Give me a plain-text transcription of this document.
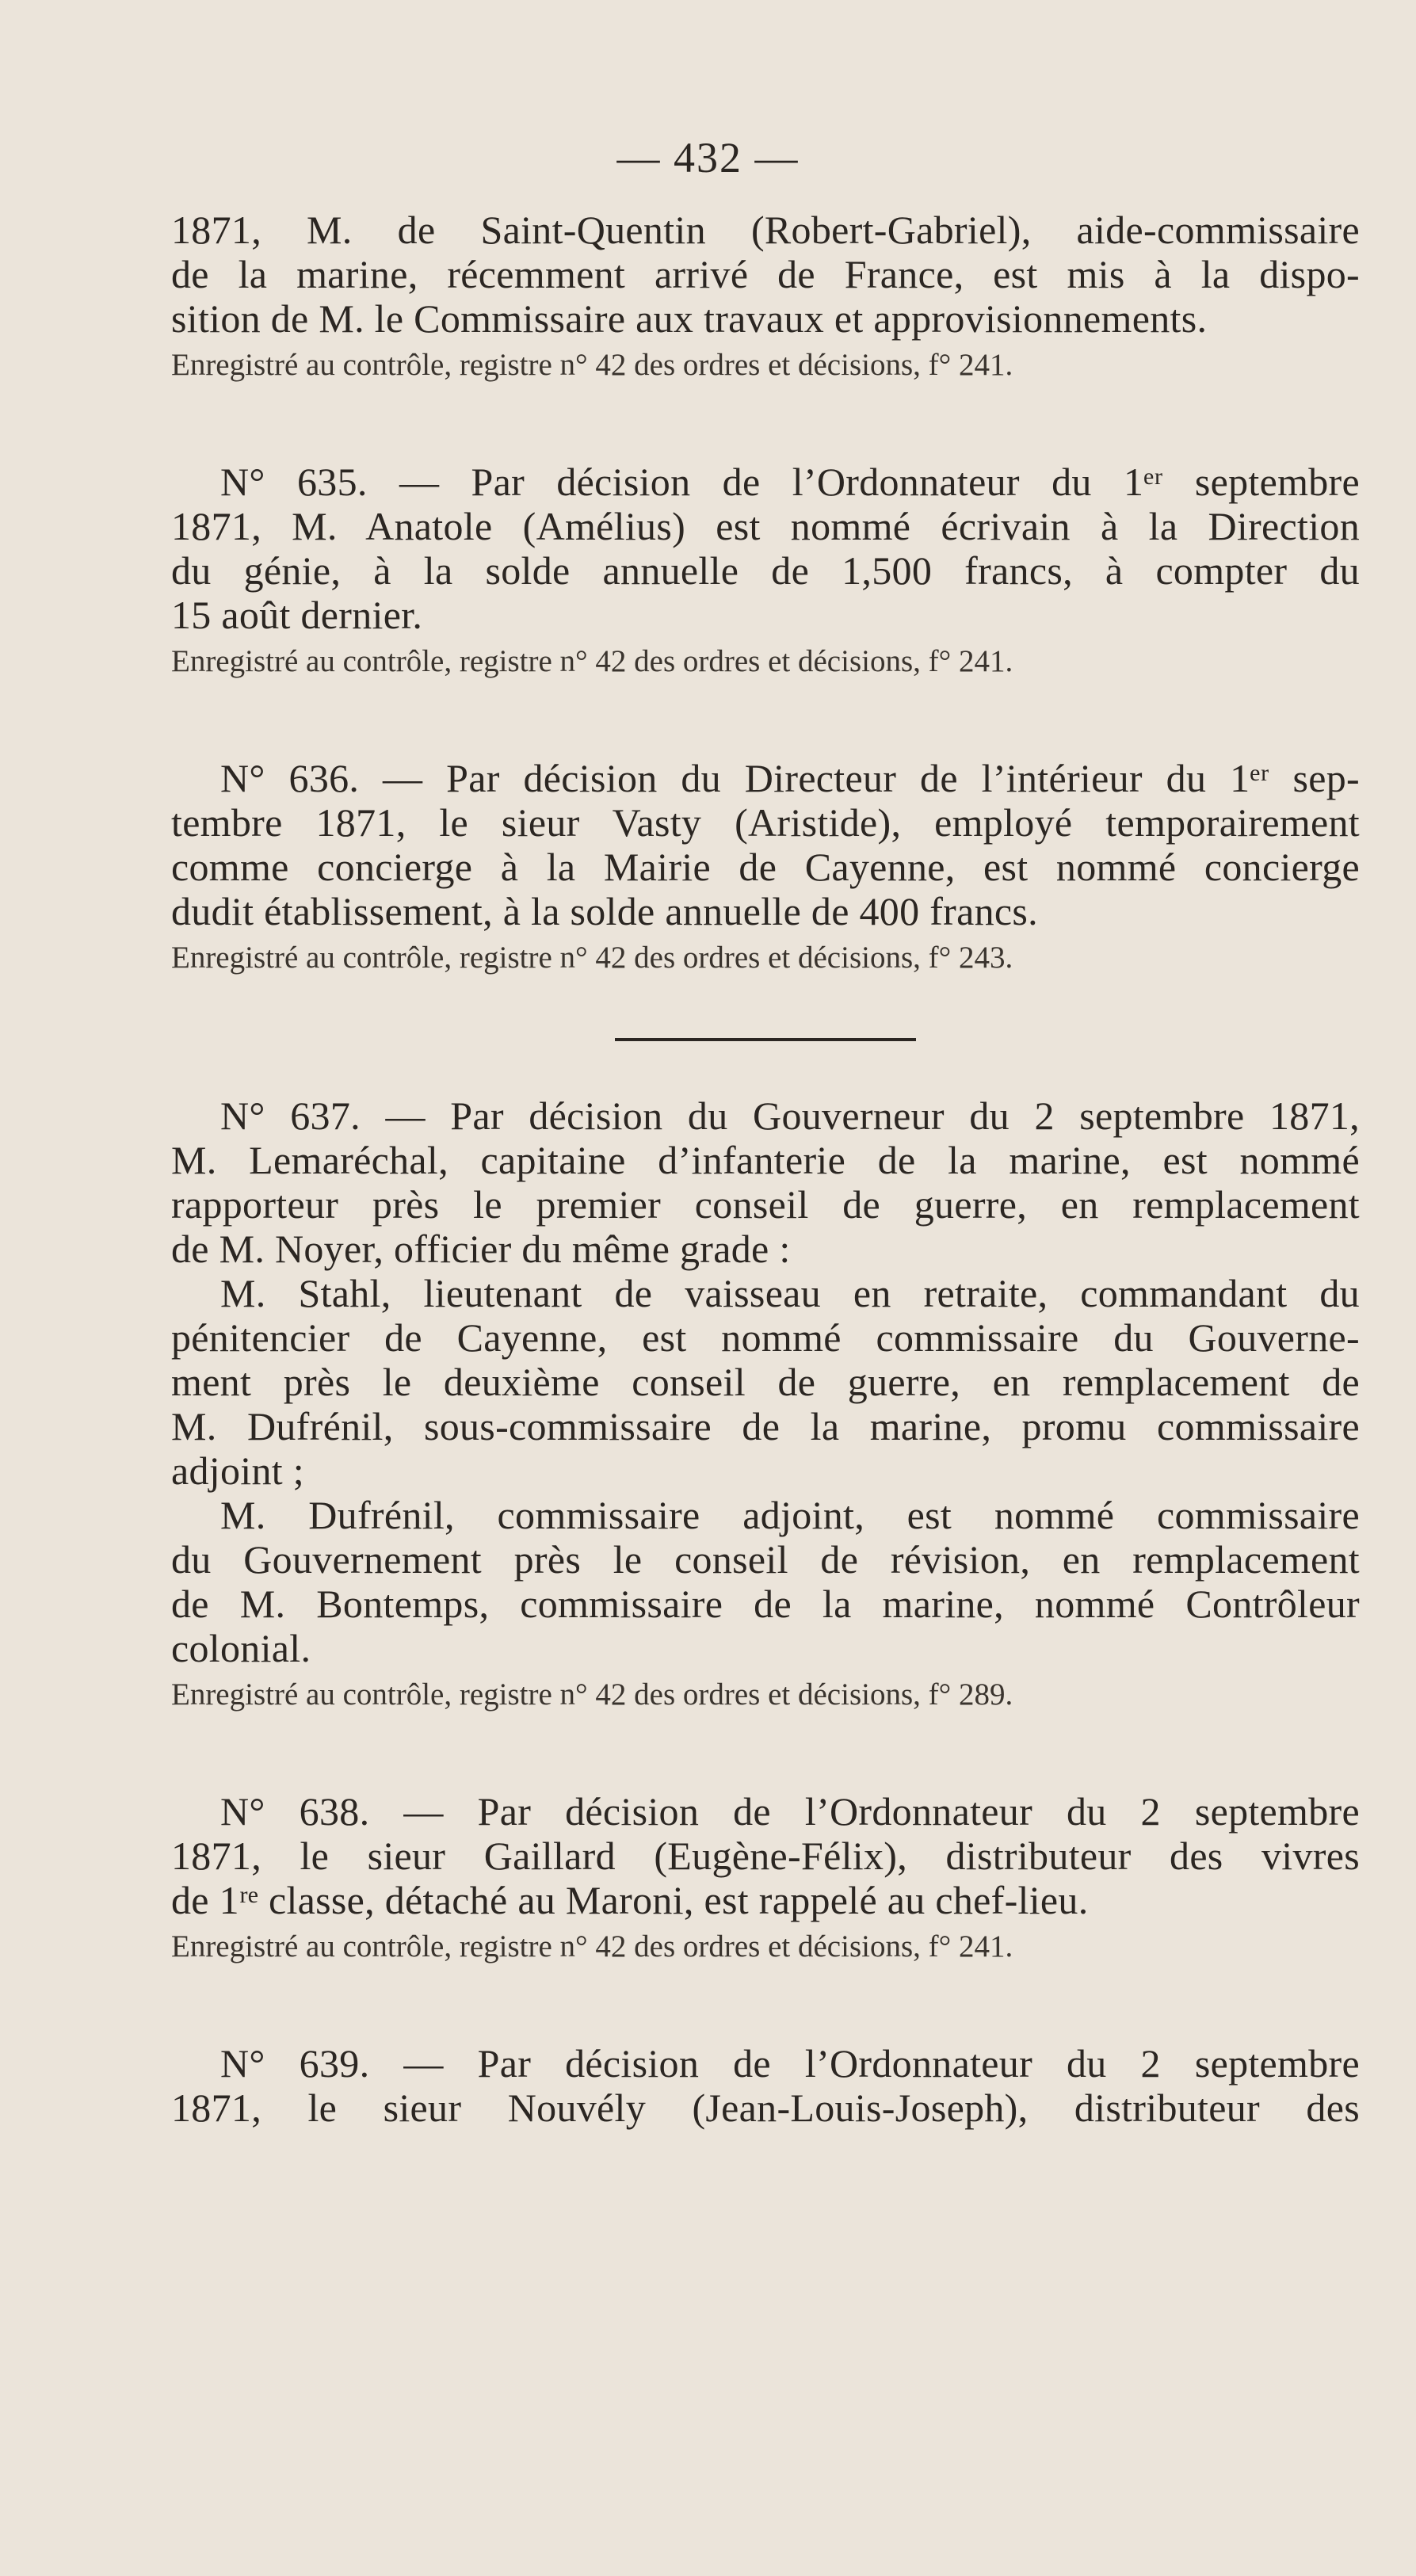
— 432 —
1871, M. de Saint-Quentin (Robert-Gabriel), aide-commissaire
de la marine, récemment arrivé de France, est mis à la dispo-
sition de M. le Commissaire aux travaux et approvisionnements.
Enregistré au contrôle, registre n° 42 des ordres et décisions, f° 241.
N° 635. — Par décision de l’Ordonnateur du 1ᵉʳ septembre
1871, M. Anatole (Amélius) est nommé écrivain à la Direction
du génie, à la solde annuelle de 1,500 francs, à compter du
15 août dernier.
Enregistré au contrôle, registre n° 42 des ordres et décisions, f° 241.
N° 636. — Par décision du Directeur de l’intérieur du 1ᵉʳ sep-
tembre 1871, le sieur Vasty (Aristide), employé temporairement
comme concierge à la Mairie de Cayenne, est nommé concierge
dudit établissement, à la solde annuelle de 400 francs.
Enregistré au contrôle, registre n° 42 des ordres et décisions, f° 243.
N° 637. — Par décision du Gouverneur du 2 septembre 1871,
M. Lemaréchal, capitaine d’infanterie de la marine, est nommé
rapporteur près le premier conseil de guerre, en remplacement
de M. Noyer, officier du même grade :
M. Stahl, lieutenant de vaisseau en retraite, commandant du
pénitencier de Cayenne, est nommé commissaire du Gouverne-
ment près le deuxième conseil de guerre, en remplacement de
M. Dufrénil, sous-commissaire de la marine, promu commissaire
adjoint ;
M. Dufrénil, commissaire adjoint, est nommé commissaire
du Gouvernement près le conseil de révision, en remplacement
de M. Bontemps, commissaire de la marine, nommé Contrôleur
colonial.
Enregistré au contrôle, registre n° 42 des ordres et décisions, f° 289.
N° 638. — Par décision de l’Ordonnateur du 2 septembre
1871, le sieur Gaillard (Eugène-Félix), distributeur des vivres
de 1ʳᵉ classe, détaché au Maroni, est rappelé au chef-lieu.
Enregistré au contrôle, registre n° 42 des ordres et décisions, f° 241.
N° 639. — Par décision de l’Ordonnateur du 2 septembre
1871, le sieur Nouvély (Jean-Louis-Joseph), distributeur des
